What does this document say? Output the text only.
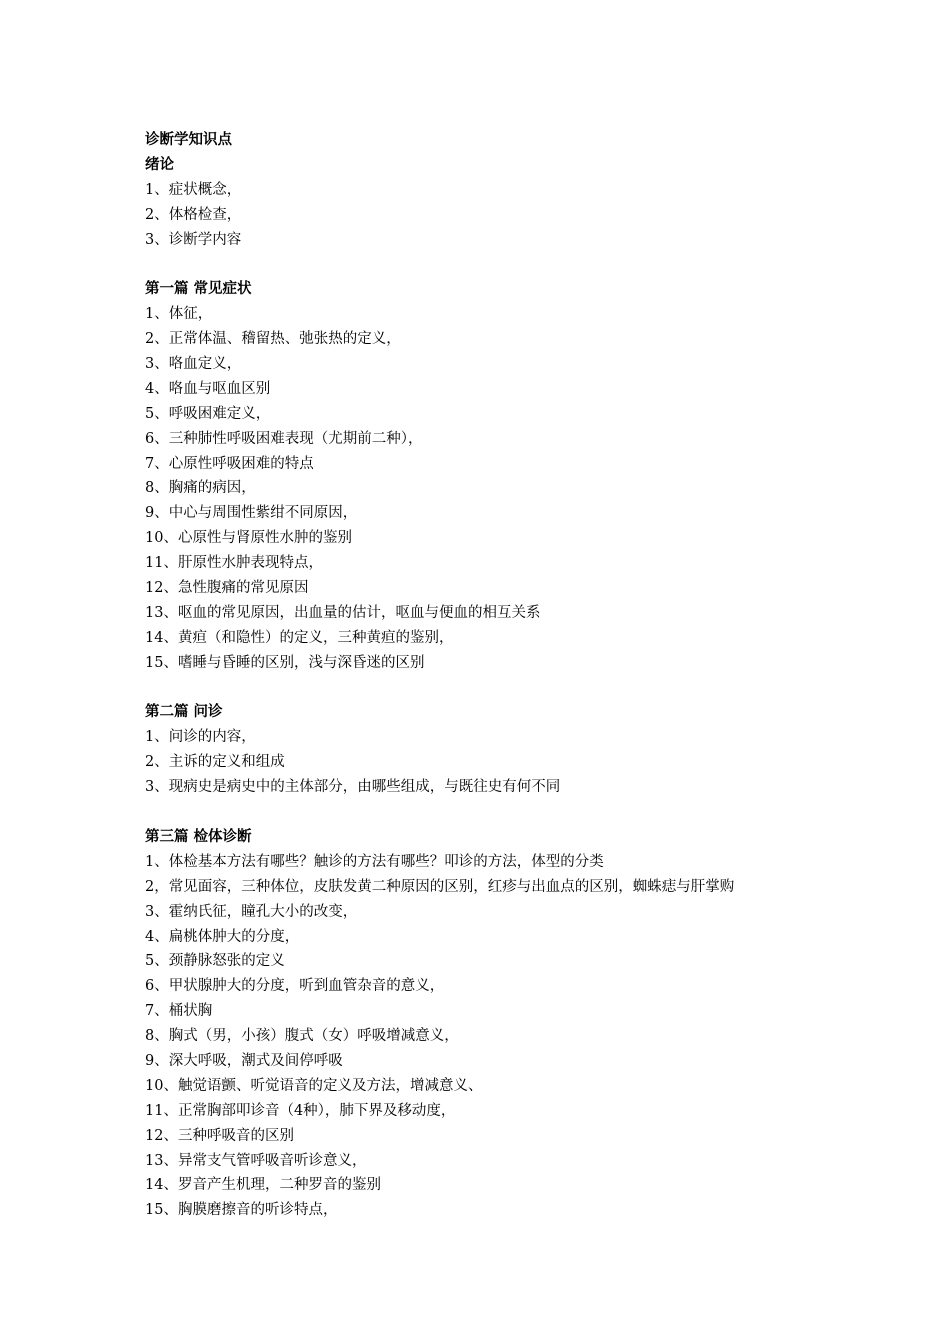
诊断学知识点
绪论
1、症状概念，
2、体格检查，
3、诊断学内容
第一篇 常见症状
1、体征，
2、正常体温、稽留热、弛张热的定义，
3、咯血定义，
4、咯血与呕血区别
5、呼吸困难定义，
6、三种肺性呼吸困难表现（尤期前二种），
7、心原性呼吸困难的特点
8、胸痛的病因，
9、中心与周围性紫绀不同原因，
10、心原性与肾原性水肿的鉴别
11、肝原性水肿表现特点，
12、急性腹痛的常见原因
13、呕血的常见原因，出血量的估计，呕血与便血的相互关系
14、黄疸（和隐性）的定义，三种黄疸的鉴别，
15、嗜睡与昏睡的区别，浅与深昏迷的区别
第二篇 问诊
1、问诊的内容，
2、主诉的定义和组成
3、现病史是病史中的主体部分，由哪些组成，与既往史有何不同
第三篇 检体诊断
1、体检基本方法有哪些？触诊的方法有哪些？叩诊的方法，体型的分类
2，常见面容，三种体位，皮肤发黄二种原因的区别，红疹与出血点的区别，蜘蛛痣与肝掌购
3、霍纳氏征，瞳孔大小的改变，
4、扁桃体肿大的分度，
5、颈静脉怒张的定义
6、甲状腺肿大的分度，听到血管杂音的意义，
7、桶状胸
8、胸式（男，小孩）腹式（女）呼吸增减意义，
9、深大呼吸，潮式及间停呼吸
10、触觉语颤、听觉语音的定义及方法，增减意义、
11、正常胸部叩诊音（4种），肺下界及移动度，
12、三种呼吸音的区别
13、异常支气管呼吸音听诊意义，
14、罗音产生机理，二种罗音的鉴别
15、胸膜磨擦音的听诊特点，
